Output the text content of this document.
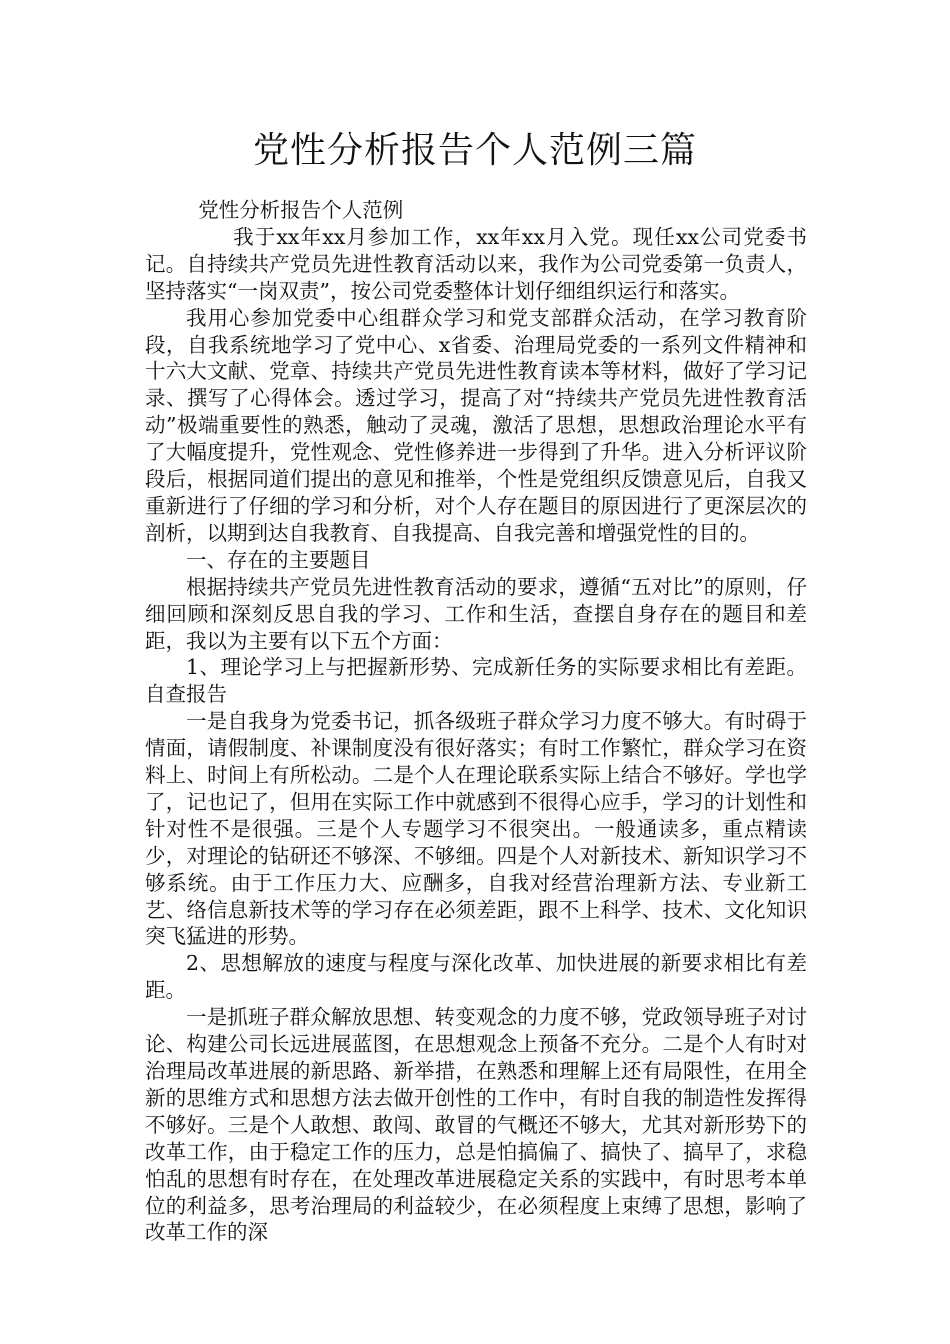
党性分析报告个人范例三篇

党性分析报告个人范例

我于xx年xx月参加工作，xx年xx月入党。现任xx公司党委书记。自持续共产党员先进性教育活动以来，我作为公司党委第一负责人，坚持落实“一岗双责”，按公司党委整体计划仔细组织运行和落实。

我用心参加党委中心组群众学习和党支部群众活动，在学习教育阶段，自我系统地学习了党中心、x省委、治理局党委的一系列文件精神和十六大文献、党章、持续共产党员先进性教育读本等材料，做好了学习记录、撰写了心得体会。透过学习，提高了对“持续共产党员先进性教育活动”极端重要性的熟悉，触动了灵魂，激活了思想，思想政治理论水平有了大幅度提升，党性观念、党性修养进一步得到了升华。进入分析评议阶段后，根据同道们提出的意见和推举，个性是党组织反馈意见后，自我又重新进行了仔细的学习和分析，对个人存在题目的原因进行了更深层次的剖析，以期到达自我教育、自我提高、自我完善和增强党性的目的。

一、存在的主要题目

根据持续共产党员先进性教育活动的要求，遵循“五对比”的原则，仔细回顾和深刻反思自我的学习、工作和生活，查摆自身存在的题目和差距，我以为主要有以下五个方面：

1、理论学习上与把握新形势、完成新任务的实际要求相比有差距。自查报告

一是自我身为党委书记，抓各级班子群众学习力度不够大。有时碍于情面，请假制度、补课制度没有很好落实；有时工作繁忙，群众学习在资料上、时间上有所松动。二是个人在理论联系实际上结合不够好。学也学了，记也记了，但用在实际工作中就感到不很得心应手，学习的计划性和针对性不是很强。三是个人专题学习不很突出。一般通读多，重点精读少，对理论的钻研还不够深、不够细。四是个人对新技术、新知识学习不够系统。由于工作压力大、应酬多，自我对经营治理新方法、专业新工艺、络信息新技术等的学习存在必须差距，跟不上科学、技术、文化知识突飞猛进的形势。

2、思想解放的速度与程度与深化改革、加快进展的新要求相比有差距。

一是抓班子群众解放思想、转变观念的力度不够，党政领导班子对讨论、构建公司长远进展蓝图，在思想观念上预备不充分。二是个人有时对治理局改革进展的新思路、新举措，在熟悉和理解上还有局限性，在用全新的思维方式和思想方法去做开创性的工作中，有时自我的制造性发挥得不够好。三是个人敢想、敢闯、敢冒的气概还不够大，尤其对新形势下的改革工作，由于稳定工作的压力，总是怕搞偏了、搞快了、搞早了，求稳怕乱的思想有时存在，在处理改革进展稳定关系的实践中，有时思考本单位的利益多，思考治理局的利益较少，在必须程度上束缚了思想，影响了改革工作的深
